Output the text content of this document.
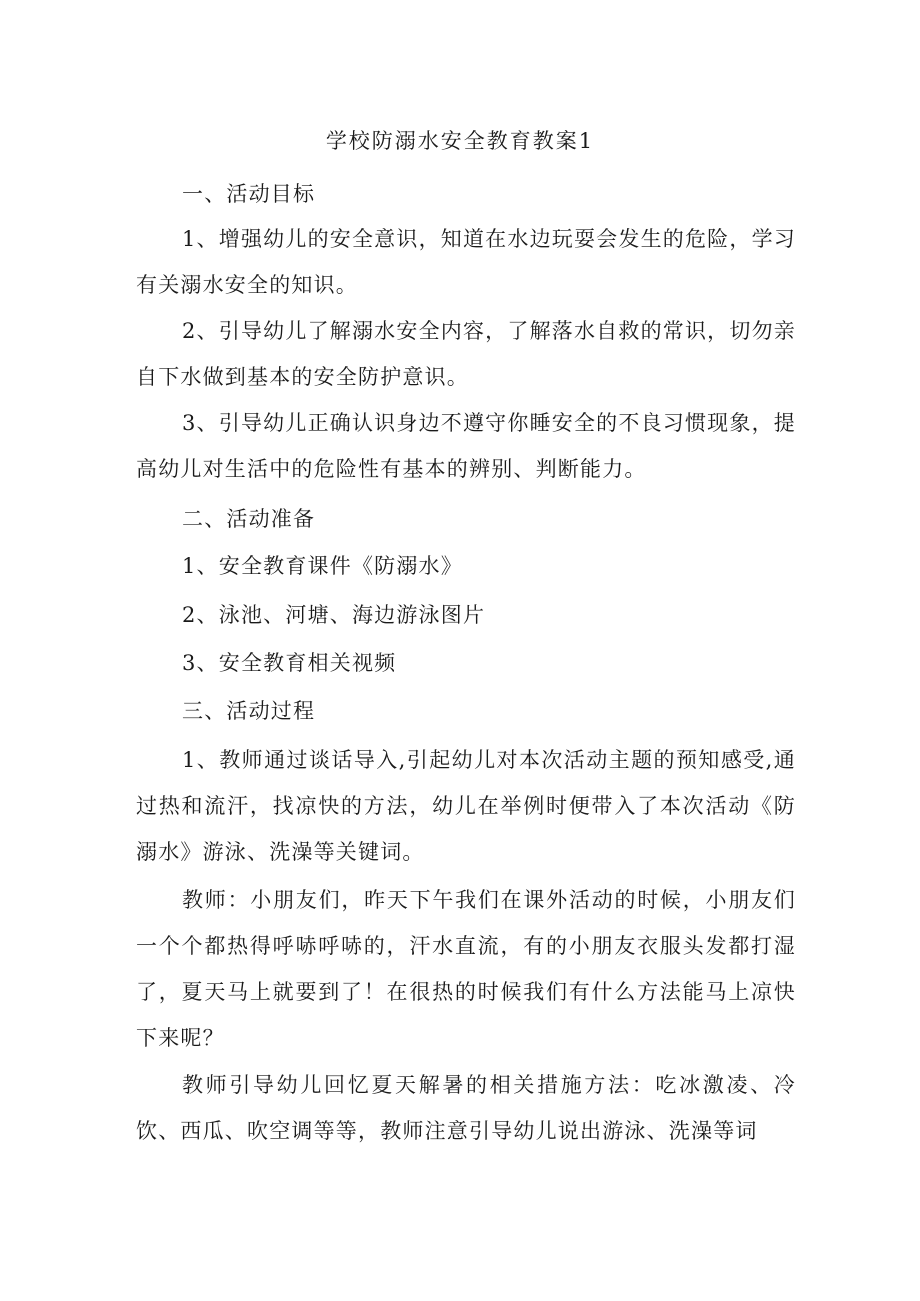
学校防溺水安全教育教案1
一、活动目标
1、增强幼儿的安全意识，知道在水边玩耍会发生的危险，学习有关溺水安全的知识。
2、引导幼儿了解溺水安全内容，了解落水自救的常识，切勿亲自下水做到基本的安全防护意识。
3、引导幼儿正确认识身边不遵守你睡安全的不良习惯现象，提高幼儿对生活中的危险性有基本的辨别、判断能力。
二、活动准备
1、安全教育课件《防溺水》
2、泳池、河塘、海边游泳图片
3、安全教育相关视频
三、活动过程
1、教师通过谈话导入,引起幼儿对本次活动主题的预知感受,通过热和流汗，找凉快的方法，幼儿在举例时便带入了本次活动《防溺水》游泳、洗澡等关键词。
教师：小朋友们，昨天下午我们在课外活动的时候，小朋友们一个个都热得呼哧呼哧的，汗水直流，有的小朋友衣服头发都打湿了，夏天马上就要到了！在很热的时候我们有什么方法能马上凉快下来呢？
教师引导幼儿回忆夏天解暑的相关措施方法：吃冰激凌、冷饮、西瓜、吹空调等等，教师注意引导幼儿说出游泳、洗澡等词
